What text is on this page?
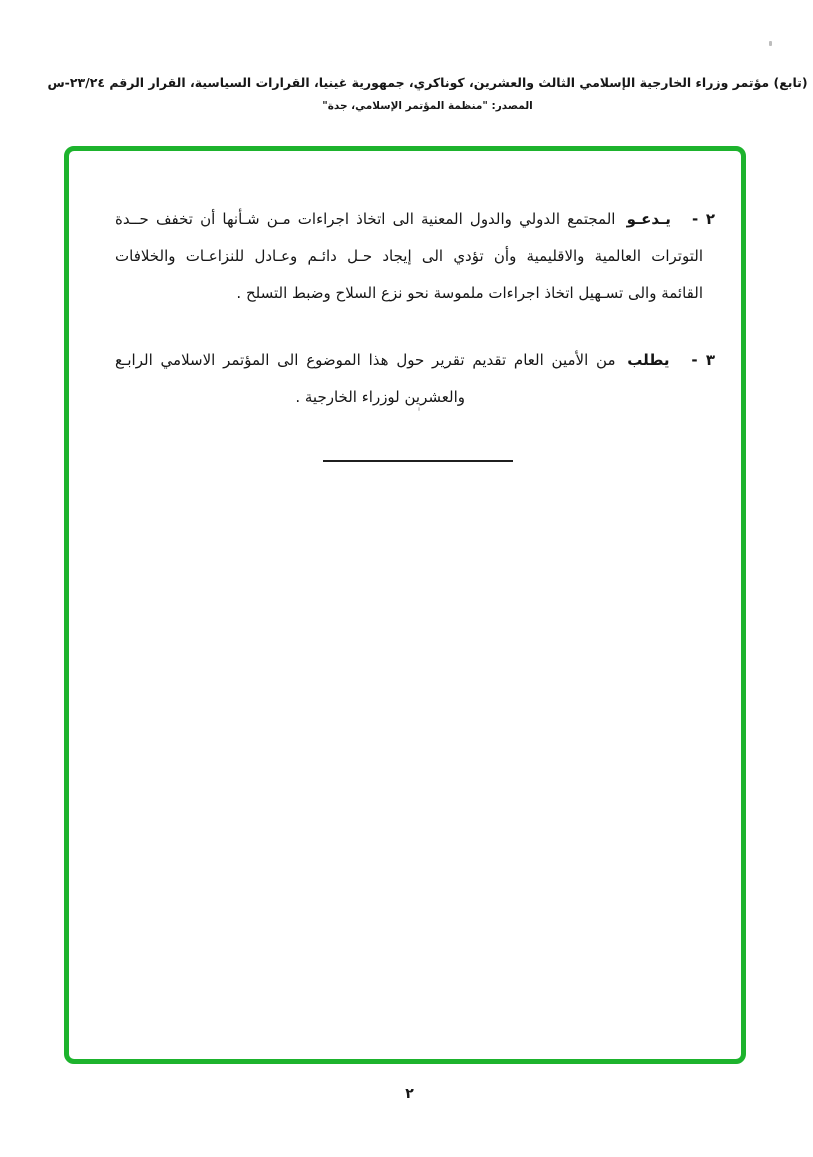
(تابع) مؤتمر وزراء الخارجية الإسلامي الثالث والعشرين، كوناكري، جمهورية غينيا، القرارات السياسية، القرار الرقم ٢٣/٢٤-س
المصدر: "منظمة المؤتمر الإسلامي، جدة"
٢ - يـدعـو المجتمع الدولي والدول المعنية الى اتخاذ اجراءات مـن شـأنها أن تخفف حــدة
التوترات العالمية والاقليمية وأن تؤدي الى إيجاد حـل دائـم وعـادل للنزاعـات والخلافات
القائمة والى تسـهيل اتخاذ اجراءات ملموسة نحو نزع السلاح وضبط التسلح .
٣ - يطلب من الأمين العام تقديم تقرير حول هذا الموضوع الى المؤتمر الاسلامي الرابـع
والعشرين لوزراء الخارجية .
٢
